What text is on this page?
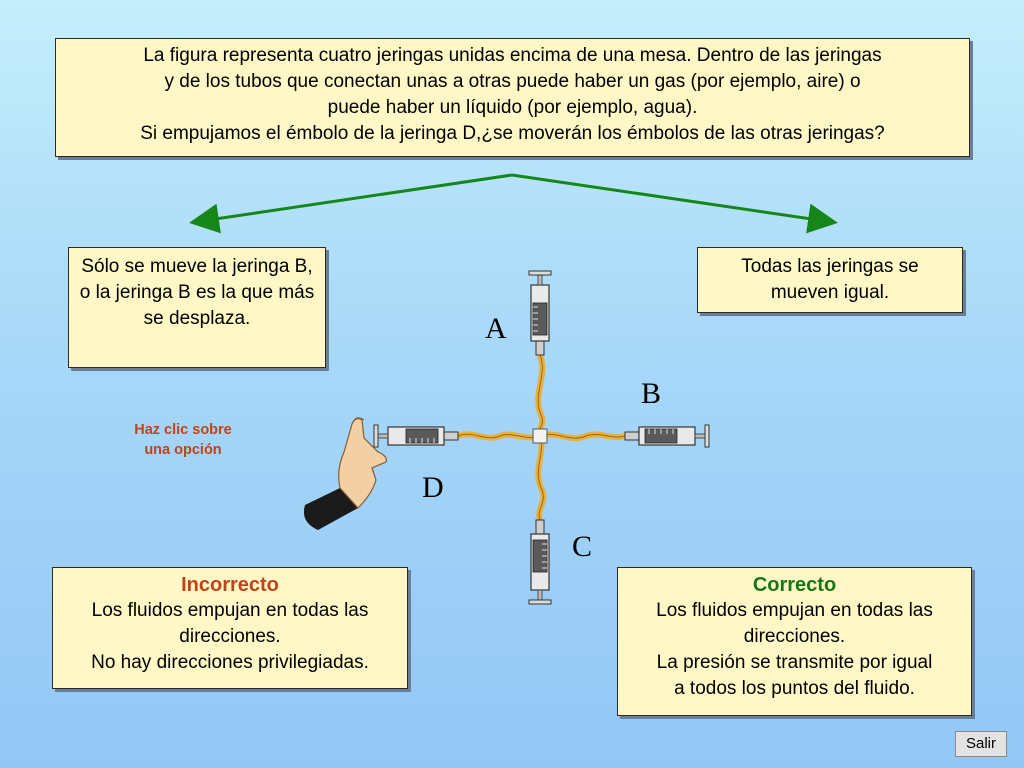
La figura representa cuatro jeringas unidas encima de una mesa. Dentro de las jeringas

y de los tubos que conectan unas a otras puede haber un gas (por ejemplo, aire) o

puede haber un líquido (por ejemplo, agua).

Si empujamos el émbolo de la jeringa D,¿se moverán los émbolos de las otras jeringas?

Sólo se mueve la jeringa B, o la jeringa B es la que más se desplaza.
Todas las jeringas se mueven igual.
Haz clic sobre
una opción
A
B
C
D
Incorrecto
Los fluidos empujan en todas las
direcciones.
No hay direcciones privilegiadas.
Correcto
Los fluidos empujan en todas las
direcciones.
La presión se transmite por igual
a todos los puntos del fluido.
Salir
